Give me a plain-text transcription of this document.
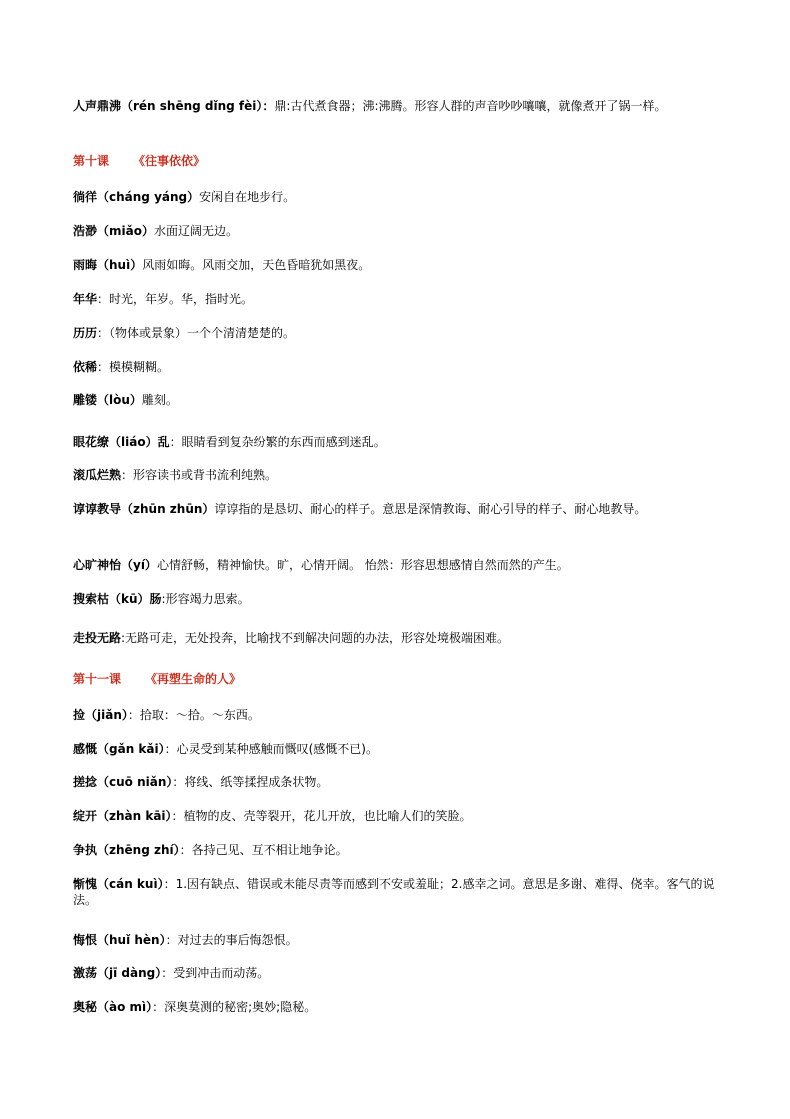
人声鼎沸（rén shēng dǐng fèi）：鼎:古代煮食器；沸:沸腾。形容人群的声音吵吵嚷嚷，就像煮开了锅一样。
第十课 《往事依依》
徜徉（cháng yáng）安闲自在地步行。
浩渺（miǎo）水面辽阔无边。
雨晦（huì）风雨如晦。风雨交加，天色昏暗犹如黑夜。
年华：时光，年岁。华，指时光。
历历：（物体或景象）一个个清清楚楚的。
依稀：模模糊糊。
雕镂（lòu）雕刻。
眼花缭（liáo）乱：眼睛看到复杂纷繁的东西而感到迷乱。
滚瓜烂熟：形容读书或背书流利纯熟。
谆谆教导（zhūn zhūn）谆谆指的是恳切、耐心的样子。意思是深情教诲、耐心引导的样子、耐心地教导。
心旷神怡（yí）心情舒畅，精神愉快。旷，心情开阔。 怡然：形容思想感情自然而然的产生。
搜索枯（kū）肠:形容竭力思索。
走投无路:无路可走，无处投奔，比喻找不到解决问题的办法，形容处境极端困难。
第十一课 《再塑生命的人》
捡（jiǎn）：拾取：～拾。～东西。
感慨（gǎn kǎi）：心灵受到某种感触而慨叹(感慨不已)。
搓捻（cuō niǎn）：将线、纸等揉捏成条状物。
绽开（zhàn kāi）：植物的皮、壳等裂开，花儿开放，也比喻人们的笑脸。
争执（zhēng zhí）：各持己见、互不相让地争论。
惭愧（cán kuì）：1.因有缺点、错误或未能尽责等而感到不安或羞耻；2.感幸之词。意思是多谢、难得、侥幸。客气的说法。
悔恨（huǐ hèn）：对过去的事后悔怨恨。
激荡（jī dàng）：受到冲击而动荡。
奥秘（ào mì）：深奥莫测的秘密;奥妙;隐秘。
